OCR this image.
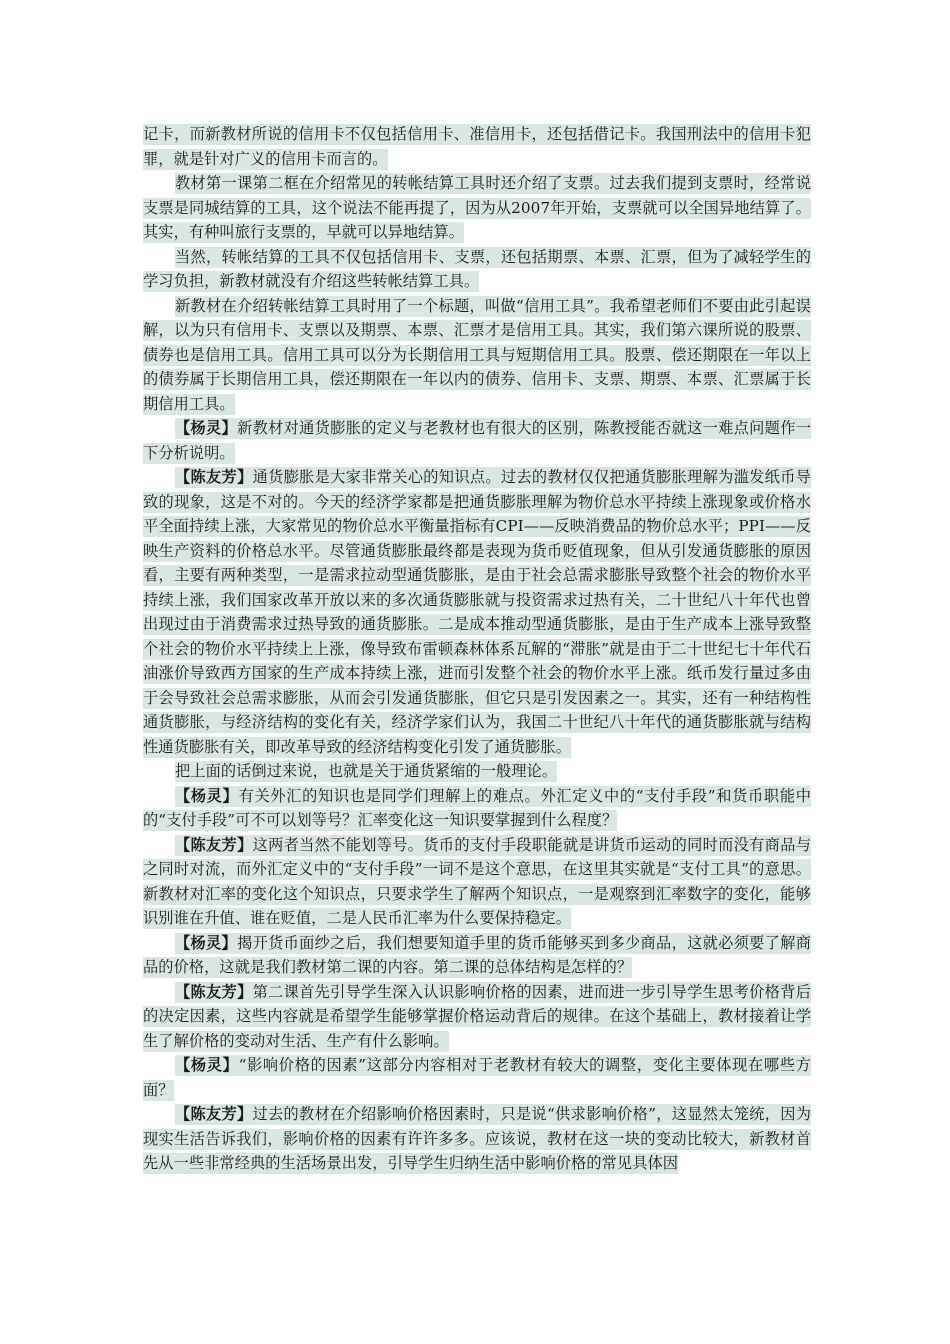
记卡，而新教材所说的信用卡不仅包括信用卡、准信用卡，还包括借记卡。我国刑法中的信用卡犯罪，就是针对广义的信用卡而言的。

教材第一课第二框在介绍常见的转帐结算工具时还介绍了支票。过去我们提到支票时，经常说支票是同城结算的工具，这个说法不能再提了，因为从2007年开始，支票就可以全国异地结算了。其实，有种叫旅行支票的，早就可以异地结算。

当然，转帐结算的工具不仅包括信用卡、支票，还包括期票、本票、汇票，但为了减轻学生的学习负担，新教材就没有介绍这些转帐结算工具。

新教材在介绍转帐结算工具时用了一个标题，叫做“信用工具”。我希望老师们不要由此引起误解，以为只有信用卡、支票以及期票、本票、汇票才是信用工具。其实，我们第六课所说的股票、债券也是信用工具。信用工具可以分为长期信用工具与短期信用工具。股票、偿还期限在一年以上的债券属于长期信用工具，偿还期限在一年以内的债券、信用卡、支票、期票、本票、汇票属于长期信用工具。

【杨灵】新教材对通货膨胀的定义与老教材也有很大的区别，陈教授能否就这一难点问题作一下分析说明。

【陈友芳】通货膨胀是大家非常关心的知识点。过去的教材仅仅把通货膨胀理解为滥发纸币导致的现象，这是不对的。今天的经济学家都是把通货膨胀理解为物价总水平持续上涨现象或价格水平全面持续上涨，大家常见的物价总水平衡量指标有CPI——反映消费品的物价总水平；PPI——反映生产资料的价格总水平。尽管通货膨胀最终都是表现为货币贬值现象，但从引发通货膨胀的原因看，主要有两种类型，一是需求拉动型通货膨胀，是由于社会总需求膨胀导致整个社会的物价水平持续上涨，我们国家改革开放以来的多次通货膨胀就与投资需求过热有关，二十世纪八十年代也曾出现过由于消费需求过热导致的通货膨胀。二是成本推动型通货膨胀，是由于生产成本上涨导致整个社会的物价水平持续上上涨，像导致布雷顿森林体系瓦解的“滞胀”就是由于二十世纪七十年代石油涨价导致西方国家的生产成本持续上涨，进而引发整个社会的物价水平上涨。纸币发行量过多由于会导致社会总需求膨胀，从而会引发通货膨胀，但它只是引发因素之一。其实，还有一种结构性通货膨胀，与经济结构的变化有关，经济学家们认为，我国二十世纪八十年代的通货膨胀就与结构性通货膨胀有关，即改革导致的经济结构变化引发了通货膨胀。

把上面的话倒过来说，也就是关于通货紧缩的一般理论。

【杨灵】有关外汇的知识也是同学们理解上的难点。外汇定义中的“支付手段”和货币职能中的“支付手段”可不可以划等号？汇率变化这一知识要掌握到什么程度？

【陈友芳】这两者当然不能划等号。货币的支付手段职能就是讲货币运动的同时而没有商品与之同时对流，而外汇定义中的“支付手段”一词不是这个意思，在这里其实就是“支付工具”的意思。新教材对汇率的变化这个知识点，只要求学生了解两个知识点，一是观察到汇率数字的变化，能够识别谁在升值、谁在贬值，二是人民币汇率为什么要保持稳定。

【杨灵】揭开货币面纱之后，我们想要知道手里的货币能够买到多少商品，这就必须要了解商品的价格，这就是我们教材第二课的内容。第二课的总体结构是怎样的？

【陈友芳】第二课首先引导学生深入认识影响价格的因素，进而进一步引导学生思考价格背后的决定因素，这些内容就是希望学生能够掌握价格运动背后的规律。在这个基础上，教材接着让学生了解价格的变动对生活、生产有什么影响。

【杨灵】“影响价格的因素”这部分内容相对于老教材有较大的调整，变化主要体现在哪些方面？

【陈友芳】过去的教材在介绍影响价格因素时，只是说“供求影响价格”，这显然太笼统，因为现实生活告诉我们，影响价格的因素有许许多多。应该说，教材在这一块的变动比较大，新教材首先从一些非常经典的生活场景出发，引导学生归纳生活中影响价格的常见具体因
